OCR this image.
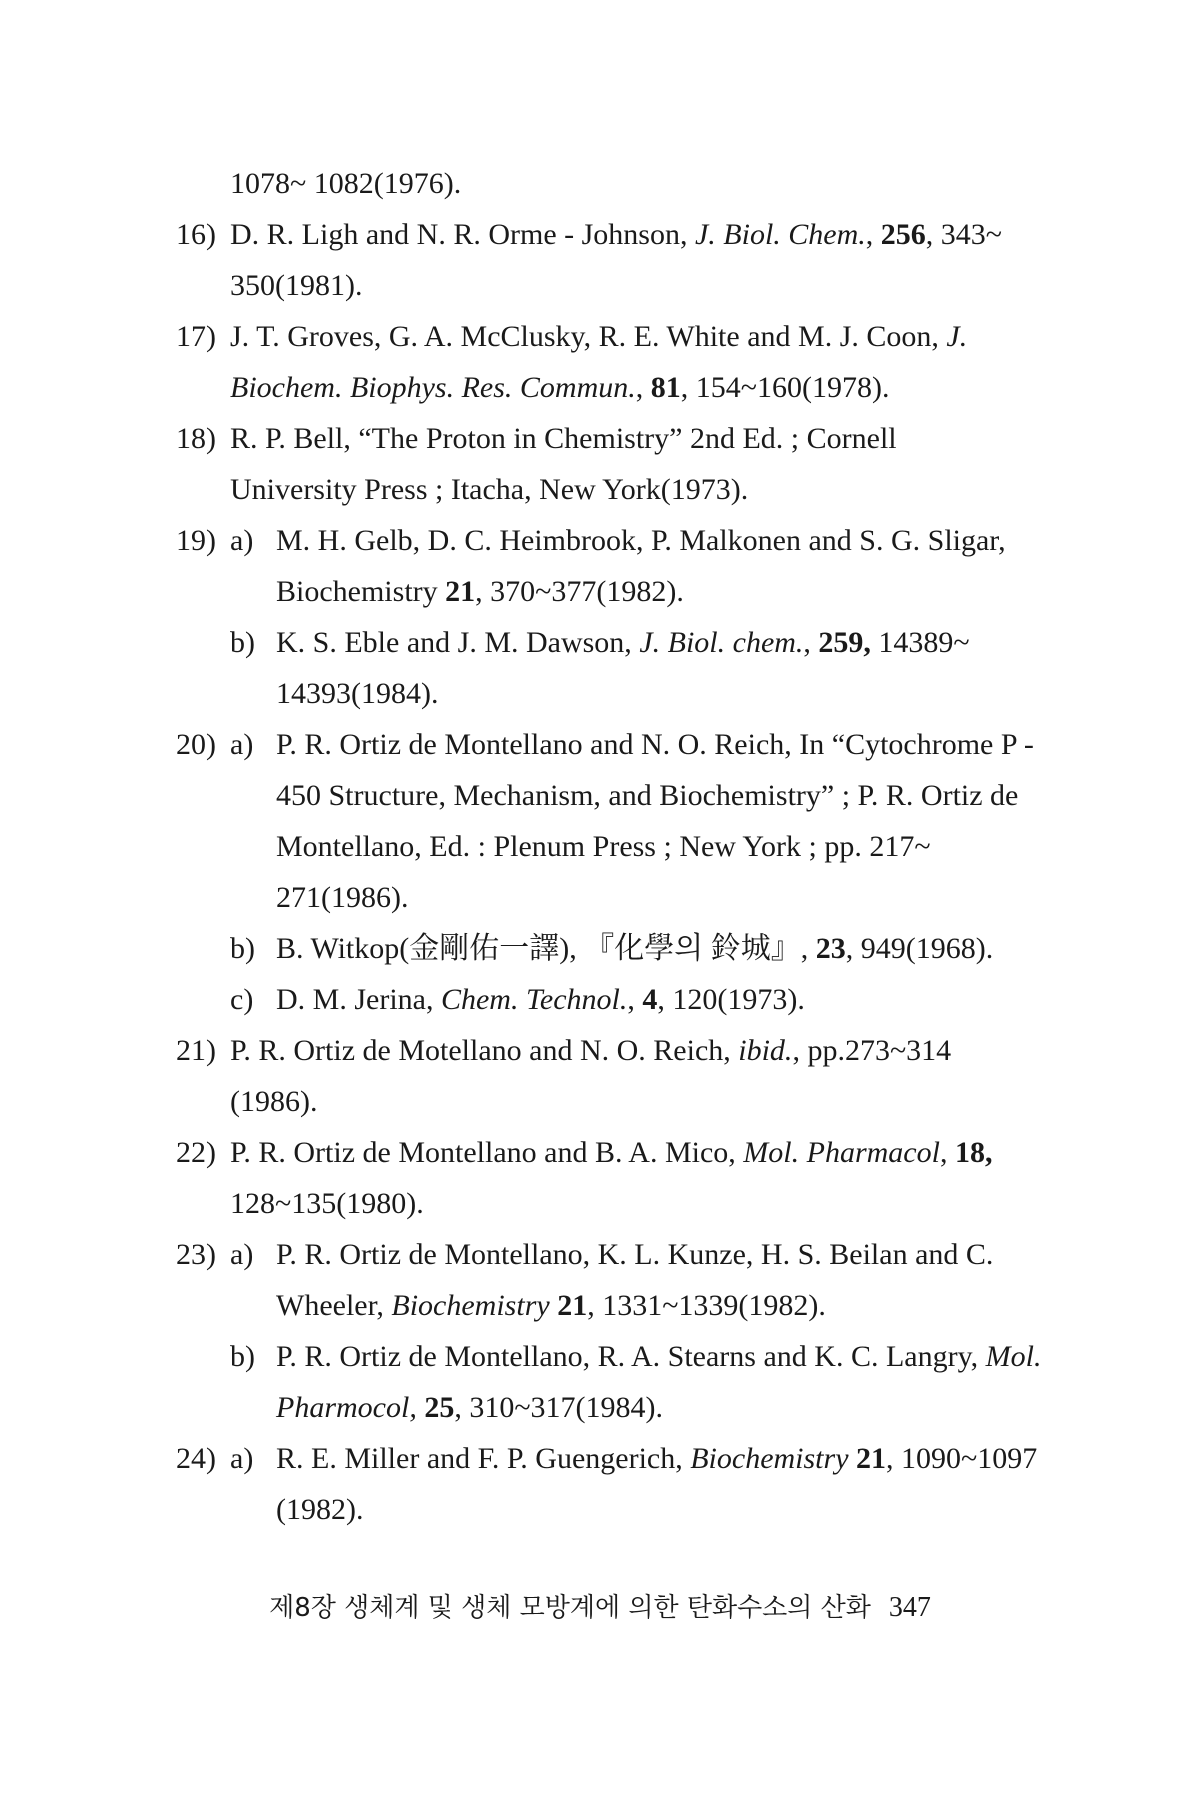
1078~ 1082(1976).
16) D. R. Ligh and N. R. Orme - Johnson, J. Biol. Chem., 256, 343~
350(1981).
17) J. T. Groves, G. A. McClusky, R. E. White and M. J. Coon, J.
Biochem. Biophys. Res. Commun., 81, 154~160(1978).
18) R. P. Bell, “The Proton in Chemistry” 2nd Ed. ; Cornell
University Press ; Itacha, New York(1973).
19) a) M. H. Gelb, D. C. Heimbrook, P. Malkonen and S. G. Sligar,
Biochemistry 21, 370~377(1982).
b) K. S. Eble and J. M. Dawson, J. Biol. chem., 259, 14389~
14393(1984).
20) a) P. R. Ortiz de Montellano and N. O. Reich, In “Cytochrome P -
450 Structure, Mechanism, and Biochemistry” ; P. R. Ortiz de
Montellano, Ed. : Plenum Press ; New York ; pp. 217~
271(1986).
b) B. Witkop(金剛佑一譯), 『化學의 鈴城』, 23, 949(1968).
c) D. M. Jerina, Chem. Technol., 4, 120(1973).
21) P. R. Ortiz de Motellano and N. O. Reich, ibid., pp.273~314
(1986).
22) P. R. Ortiz de Montellano and B. A. Mico, Mol. Pharmacol, 18,
128~135(1980).
23) a) P. R. Ortiz de Montellano, K. L. Kunze, H. S. Beilan and C.
Wheeler, Biochemistry 21, 1331~1339(1982).
b) P. R. Ortiz de Montellano, R. A. Stearns and K. C. Langry, Mol.
Pharmocol, 25, 310~317(1984).
24) a) R. E. Miller and F. P. Guengerich, Biochemistry 21, 1090~1097
(1982).
제8장 생체계 및 생체 모방계에 의한 탄화수소의 산화 347
